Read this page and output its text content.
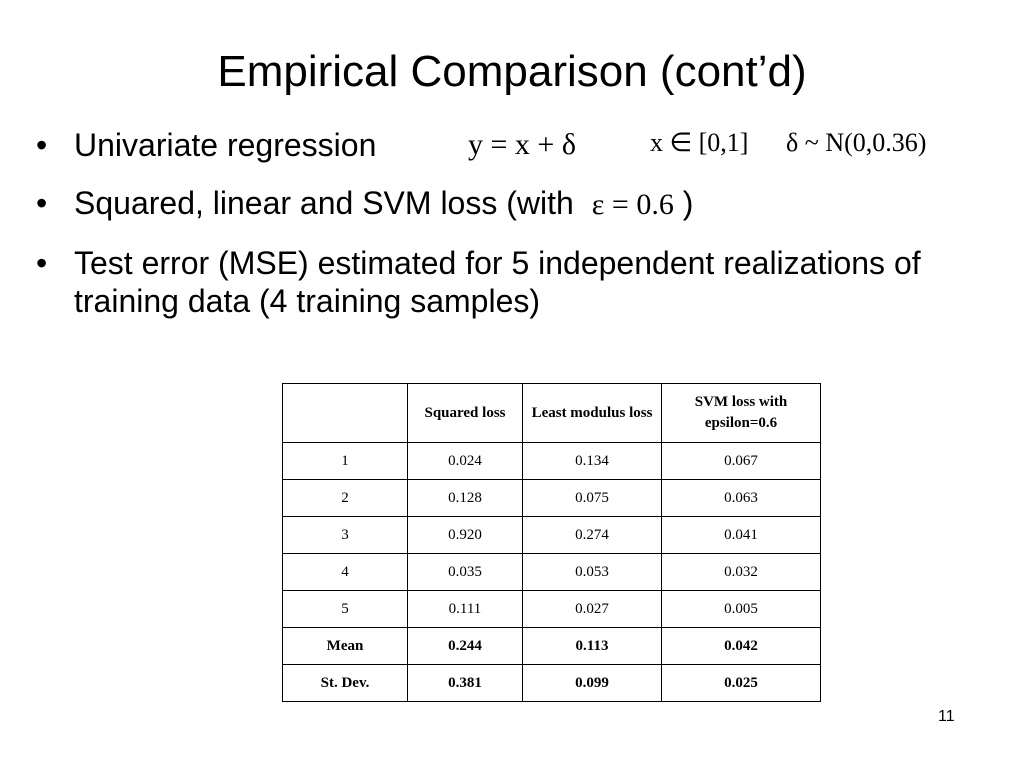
Empirical Comparison (cont’d)
• Univariate regression	y = x + δ	x ∈ [0,1] δ ~ N(0,0.36)
• Squared, linear and SVM loss (with ε = 0.6 )
• Test error (MSE) estimated for 5 independent realizations of training data (4 training samples)
	Squared loss	Least modulus loss	SVM loss with epsilon=0.6
1	0.024	0.134	0.067
2	0.128	0.075	0.063
3	0.920	0.274	0.041
4	0.035	0.053	0.032
5	0.111	0.027	0.005
Mean	0.244	0.113	0.042
St. Dev.	0.381	0.099	0.025
11
